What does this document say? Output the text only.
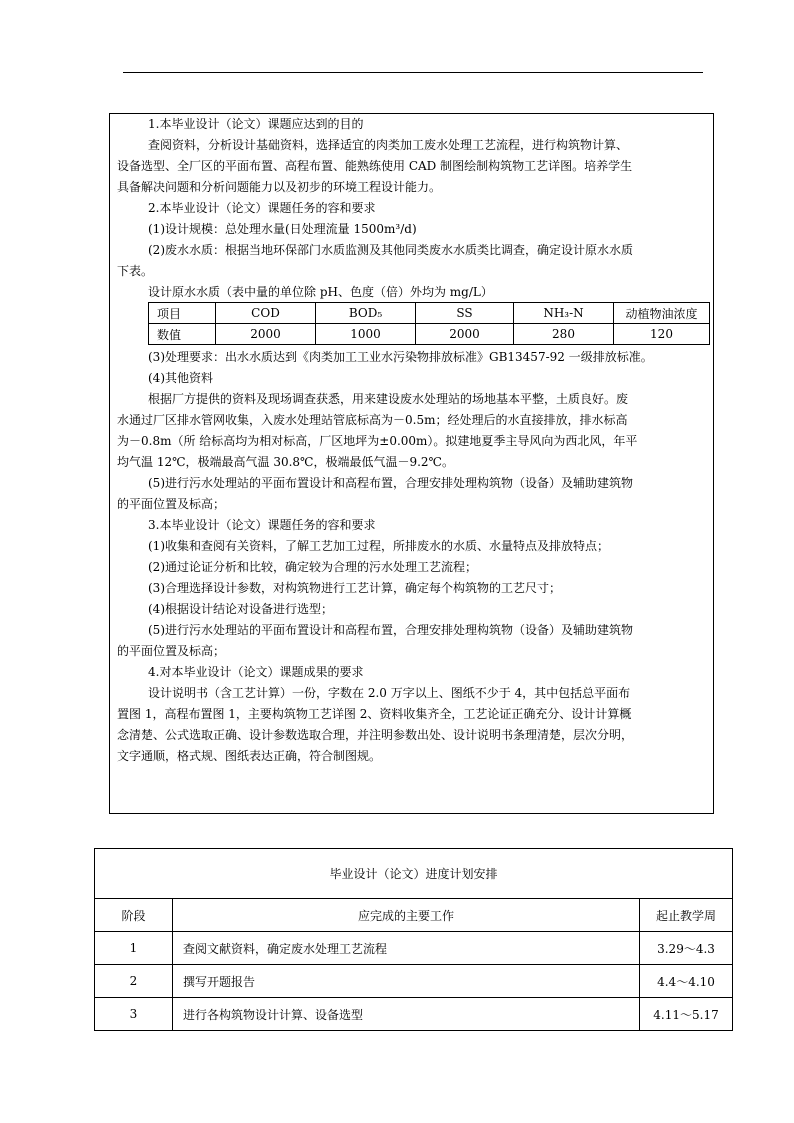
1.本毕业设计（论文）课题应达到的目的
查阅资料，分析设计基础资料，选择适宜的肉类加工废水处理工艺流程，进行构筑物计算、
设备选型、全厂区的平面布置、高程布置、能熟练使用 CAD 制图绘制构筑物工艺详图。培养学生
具备解决问题和分析问题能力以及初步的环境工程设计能力。
2.本毕业设计（论文）课题任务的容和要求
(1)设计规模：总处理水量(日处理流量 1500m³/d)
(2)废水水质：根据当地环保部门水质监测及其他同类废水水质类比调查，确定设计原水水质
下表。
设计原水水质（表中量的单位除 pH、色度（倍）外均为 mg/L）
项目	COD	BOD₅	SS	NH₃-N	动植物油浓度
数值	2000	1000	2000	280	120
(3)处理要求：出水水质达到《肉类加工工业水污染物排放标准》GB13457-92 一级排放标准。
(4)其他资料
根据厂方提供的资料及现场调查获悉，用来建设废水处理站的场地基本平整，土质良好。废
水通过厂区排水管网收集，入废水处理站管底标高为－0.5m；经处理后的水直接排放，排水标高
为－0.8m（所 给标高均为相对标高，厂区地坪为±0.00m）。拟建地夏季主导风向为西北风，年平
均气温 12℃，极端最高气温 30.8℃，极端最低气温－9.2℃。
(5)进行污水处理站的平面布置设计和高程布置，合理安排处理构筑物（设备）及辅助建筑物
的平面位置及标高；
3.本毕业设计（论文）课题任务的容和要求
(1)收集和查阅有关资料，了解工艺加工过程，所排废水的水质、水量特点及排放特点；
(2)通过论证分析和比较，确定较为合理的污水处理工艺流程；
(3)合理选择设计参数，对构筑物进行工艺计算，确定每个构筑物的工艺尺寸；
(4)根据设计结论对设备进行选型；
(5)进行污水处理站的平面布置设计和高程布置，合理安排处理构筑物（设备）及辅助建筑物
的平面位置及标高；
4.对本毕业设计（论文）课题成果的要求
设计说明书（含工艺计算）一份，字数在 2.0 万字以上、图纸不少于 4，其中包括总平面布
置图 1，高程布置图 1，主要构筑物工艺详图 2、资料收集齐全，工艺论证正确充分、设计计算概
念清楚、公式选取正确、设计参数选取合理，并注明参数出处、设计说明书条理清楚，层次分明，
文字通顺，格式规、图纸表达正确，符合制图规。
毕业设计（论文）进度计划安排		
阶段	应完成的主要工作	起止教学周
1	查阅文献资料，确定废水处理工艺流程	3.29～4.3
2	撰写开题报告	4.4～4.10
3	进行各构筑物设计计算、设备选型	4.11～5.17
